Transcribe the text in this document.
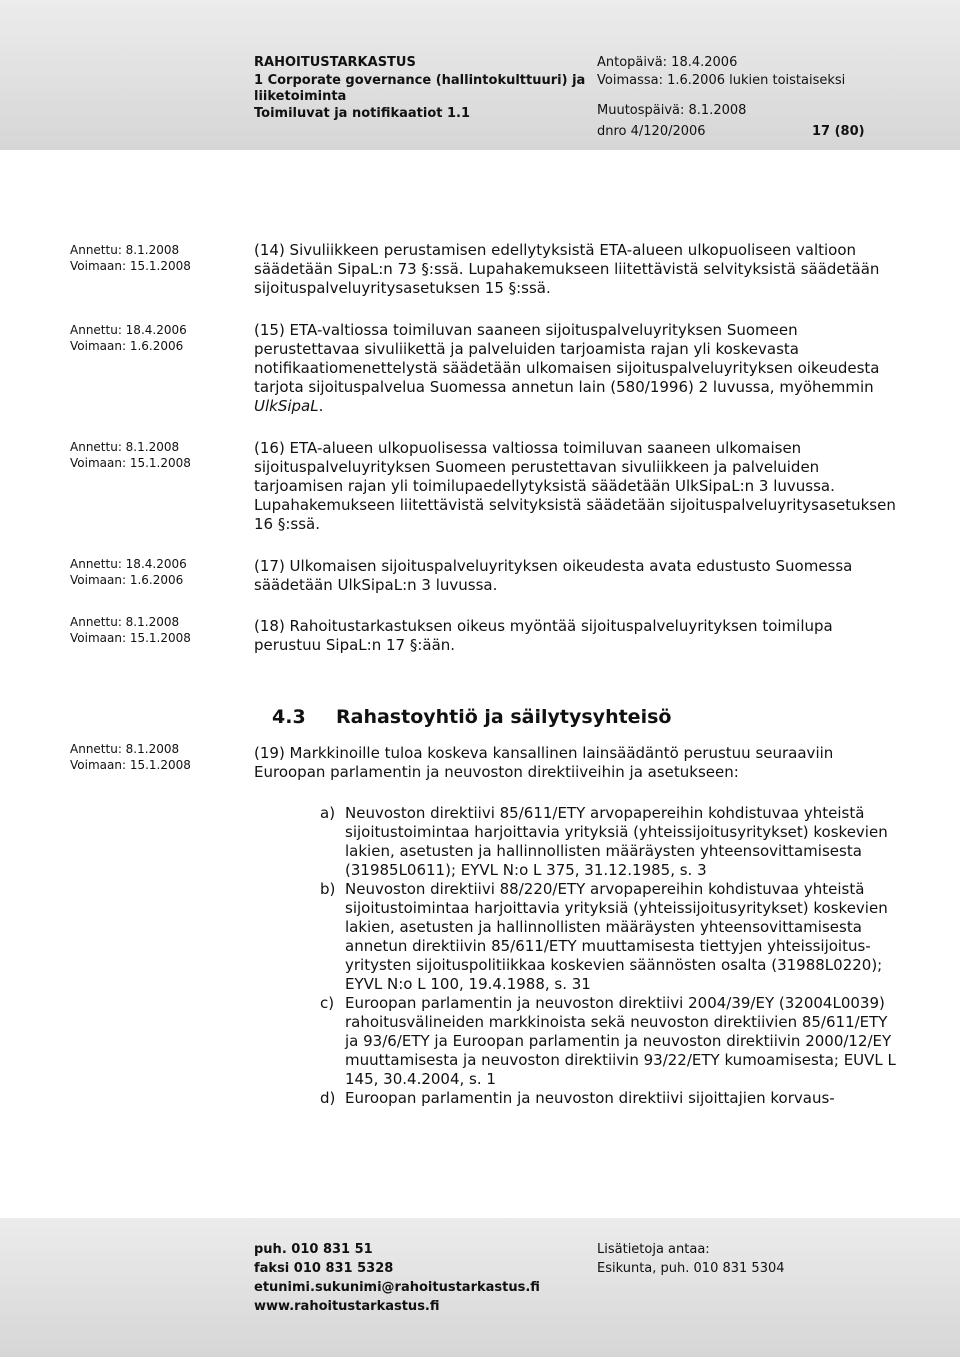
RAHOITUSTARKASTUS
1 Corporate governance (hallintokulttuuri) ja
liiketoiminta
Toimiluvat ja notifikaatiot 1.1
Antopäivä: 18.4.2006
Voimassa: 1.6.2006 lukien toistaiseksi
Muutospäivä: 8.1.2008
dnro 4/120/2006	17 (80)
Annettu: 8.1.2008
Voimaan: 15.1.2008
Annettu: 18.4.2006
Voimaan: 1.6.2006
Annettu: 8.1.2008
Voimaan: 15.1.2008
Annettu: 18.4.2006
Voimaan: 1.6.2006
Annettu: 8.1.2008
Voimaan: 15.1.2008
Annettu: 8.1.2008
Voimaan: 15.1.2008

(14) Sivuliikkeen perustamisen edellytyksistä ETA-alueen ulkopuoliseen valtioon säädetään SipaL:n 73 §:ssä. Lupahakemukseen liitettävistä selvityksistä säädetään sijoituspalveluyritysasetuksen 15 §:ssä.

(15) ETA-valtiossa toimiluvan saaneen sijoituspalveluyrityksen Suomeen perustettavaa sivuliikettä ja palveluiden tarjoamista rajan yli koskevasta notifikaatiomenettelystä säädetään ulkomaisen sijoituspalveluyrityksen oikeudesta tarjota sijoituspalvelua Suomessa annetun lain (580/1996) 2 luvussa, myöhemmin UlkSipaL.

(16) ETA-alueen ulkopuolisessa valtiossa toimiluvan saaneen ulkomaisen sijoituspalveluyrityksen Suomeen perustettavan sivuliikkeen ja palveluiden tarjoamisen rajan yli toimilupaedellytyksistä säädetään UlkSipaL:n 3 luvussa. Lupahakemukseen liitettävistä selvityksistä säädetään sijoituspalveluyritysasetuksen 16 §:ssä.

(17) Ulkomaisen sijoituspalveluyrityksen oikeudesta avata edustusto Suomessa säädetään UlkSipaL:n 3 luvussa.

(18) Rahoitustarkastuksen oikeus myöntää sijoituspalveluyrityksen toimilupa perustuu SipaL:n 17 §:ään.

4.3 Rahastoyhtiö ja säilytysyhteisö

(19) Markkinoille tuloa koskeva kansallinen lainsäädäntö perustuu seuraaviin Euroopan parlamentin ja neuvoston direktiiveihin ja asetukseen:

a) Neuvoston direktiivi 85/611/ETY arvopapereihin kohdistuvaa yhteistä sijoitustoimintaa harjoittavia yrityksiä (yhteissijoitusyritykset) koskevien lakien, asetusten ja hallinnollisten määräysten yhteensovittamisesta (31985L0611); EYVL N:o L 375, 31.12.1985, s. 3
b) Neuvoston direktiivi 88/220/ETY arvopapereihin kohdistuvaa yhteistä sijoitustoimintaa harjoittavia yrityksiä (yhteissijoitusyritykset) koskevien lakien, asetusten ja hallinnollisten määräysten yhteensovittamisesta annetun direktiivin 85/611/ETY muuttamisesta tiettyjen yhteissijoitus-yritysten sijoituspolitiikkaa koskevien säännösten osalta (31988L0220); EYVL N:o L 100, 19.4.1988, s. 31
c) Euroopan parlamentin ja neuvoston direktiivi 2004/39/EY (32004L0039) rahoitusvälineiden markkinoista sekä neuvoston direktiivien 85/611/ETY ja 93/6/ETY ja Euroopan parlamentin ja neuvoston direktiivin 2000/12/EY muuttamisesta ja neuvoston direktiivin 93/22/ETY kumoamisesta; EUVL L 145, 30.4.2004, s. 1
d) Euroopan parlamentin ja neuvoston direktiivi sijoittajien korvaus-
puh. 010 831 51
faksi 010 831 5328
etunimi.sukunimi@rahoitustarkastus.fi
www.rahoitustarkastus.fi
Lisätietoja antaa:
Esikunta, puh. 010 831 5304
